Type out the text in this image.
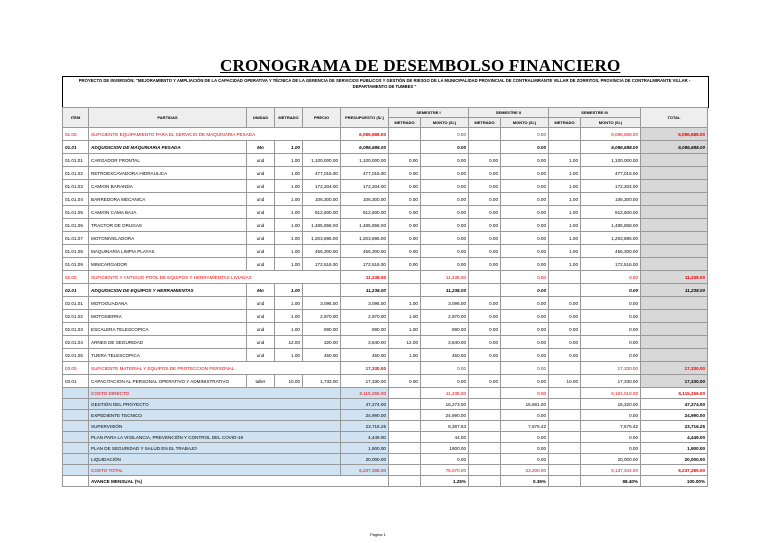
CRONOGRAMA DE DESEMBOLSO FINANCIERO
PROYECTO DE INVERSIÓN: "MEJORAMIENTO Y AMPLIACIÓN DE LA CAPACIDAD OPERATIVA Y TÉCNICA DE LA GERENCIA DE SERVICIOS PÚBLICOS Y GESTIÓN DE RIESGO DE LA MUNICIPALIDAD PROVINCIAL DE CONTRALMIRANTE VILLAR DE ZORRITOS, PROVINCIA DE CONTRALMIRANTE VILLAR - DEPARTAMENTO DE TUMBES "
ITEM	PARTIDAS	UNIDAD	METRADO	PRECIO	PRESUPUESTO (S/.)	SEMESTRE I		SEMESTRE II		SEMESTRE III		TOTAL
						METRADO	MONTO (S/.)	METRADO	MONTO (S/.)	METRADO	MONTO (S/.)	
01.00	SUFICIENTE EQUIPAMIENTO PARA EL SERVICIO DE MAQUINARIA PESADA				6,086,688.00		0.00		0.00		6,086,688.00	6,086,688.00
01.01	ADQUISICION DE MAQUINARIA PESADA	Mo	1.00		6,086,688.00		0.00		0.00		6,086,688.00	6,086,688.00
01.01.01	CARGADOR FRONTAL	und	1.00	1,100,000.00	1,100,000.00	0.00	0.00	0.00	0.00	1.00	1,100,000.00	
01.01.02	RETROEXCAVADORA HIDRAULICA	und	1.00	477,015.00	477,015.00	0.00	0.00	0.00	0.00	1.00	477,015.00	
01.01.03	CAMION BARANDA	und	1.00	172,204.00	172,204.00	0.00	0.00	0.00	0.00	1.00	172,204.00	
01.01.04	BARREDORA MECANICA	und	1.00	106,300.00	106,300.00	0.00	0.00	0.00	0.00	1.00	106,300.00	
01.01.05	CAMION CAMA BAJA	und	1.00	912,600.00	912,600.00	0.00	0.00	0.00	0.00	1.00	912,600.00	
01.01.06	TRACTOR DE ORUGAS	und	1.00	1,485,858.00	1,485,858.00	0.00	0.00	0.00	0.00	1.00	1,485,858.00	
01.01.07	MOTONIVELADORA	und	1.00	1,203,895.00	1,203,895.00	0.00	0.00	0.00	0.00	1.00	1,203,895.00	
01.01.08	MAQUINARIA LIMPIA PLAYAS	und	1.00	456,300.00	456,300.00	0.00	0.00	0.00	0.00	1.00	456,300.00	
01.01.09	MINICARGADOR	und	1.00	172,516.00	172,516.00	0.00	0.00	0.00	0.00	1.00	172,516.00	
02.00	SUFICIENTE Y ANTIGUO POOL DE EQUIPOS Y HERRAMIENTAS LIVIANAS				11,238.00		11,238.00		0.00		0.00	11,238.00
02.01	ADQUISICION DE EQUIPOS Y HERRAMIENTAS	Mo	1.00		11,238.00		11,238.00		0.00		0.00	11,238.00
02.01.01	MOTOGUADANA	und	1.00	3,096.00	3,096.00	1.00	3,096.00	0.00	0.00	0.00	0.00	
02.01.02	MOTOSIERRA	und	1.00	2,970.00	2,970.00	1.00	2,970.00	0.00	0.00	0.00	0.00	
02.01.03	ESCALERA TELESCOPICA	und	1.00	880.00	880.00	1.00	880.00	0.00	0.00	0.00	0.00	
02.01.04	ARNES DE SEGURIDAD	und	12.00	320.00	3,840.00	12.00	3,840.00	0.00	0.00	0.00	0.00	
02.01.05	TIJERA TELESCOPICA	und	1.00	450.00	450.00	1.00	450.00	0.00	0.00	0.00	0.00	
03.00	SUFICIENTE MATERIAL Y EQUIPOS DE PROTECCION PERSONAL				17,330.00		0.00		0.00		17,330.00	17,330.00
03.01	CAPACITACION AL PERSONAL OPERATIVO Y ADMINISTRATIVO	taller	10.00	1,733.00	17,330.00	0.00	0.00	0.00	0.00	10.00	17,330.00	17,330.00
	COSTO DIRECTO				6,115,256.00		11,238.00		0.00		6,104,018.00	6,115,256.00
	GESTIÓN DEL PROYECTO				47,274.00		16,273.00		15,681.00		15,320.00	47,274.00
	EXPEDIENTE TECNICO				24,990.00		24,990.00		0.00		0.00	24,990.00
	SUPERVISIÓN				23,716.25		8,387.63		7,675.42		7,675.42	23,716.25
	PLAN PARA LA VIGILANCIA, PREVENCIÓN Y CONTROL DEL COVID-19				4,449.00		44.00		0.00		0.00	4,449.00
	PLAN DE SEGURIDAD Y SALUD EN EL TRABAJO				1,900.00		1900.00		0.00		0.00	1,900.00
	LIQUIDACIÓN				20,000.00		0.00		0.00		20,000.00	20,000.00
	COSTO TOTAL				6,237,285.00		76,070.00		23,200.00		6,137,344.00	6,237,285.00
	AVANCE MENSUAL (%)						1.25%		0.36%		98.40%	100.00%
Página 1
